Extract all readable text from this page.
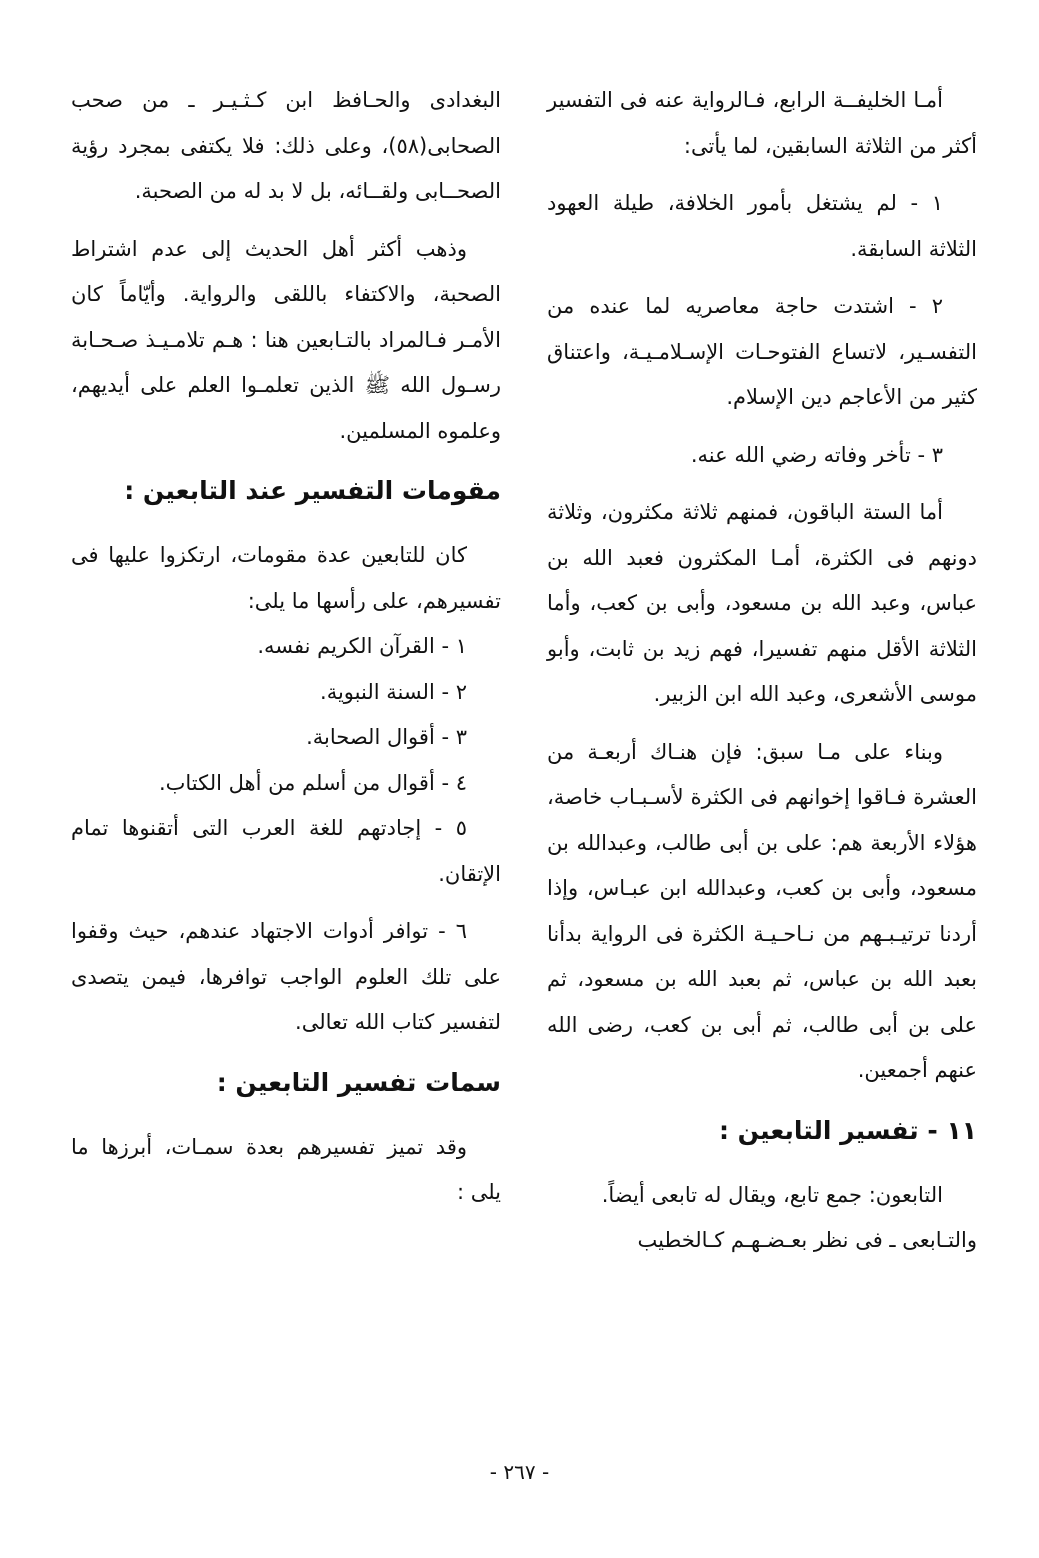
أمـا الخليفــة الرابع، فـالرواية عنه فى التفسير أكثر من الثلاثة السابقين، لما يأتى:

١ - لم يشتغل بأمور الخلافة، طيلة العهود الثلاثة السابقة.

٢ - اشتدت حاجة معاصريه لما عنده من التفسـير، لاتساع الفتوحـات الإسـلامـيـة، واعتناق كثير من الأعاجم دين الإسلام.

٣ - تأخر وفاته رضي الله عنه.

أما الستة الباقون، فمنهم ثلاثة مكثرون، وثلاثة دونهم فى الكثرة، أمـا المكثرون فعبد الله بن عباس، وعبد الله بن مسعود، وأبى بن كعب، وأما الثلاثة الأقل منهم تفسيرا، فهم زيد بن ثابت، وأبو موسى الأشعرى، وعبد الله ابن الزبير.

وبناء على مـا سبق: فإن هنـاك أربعـة من العشرة فـاقوا إخوانهم فى الكثرة لأسـبـاب خاصة، هؤلاء الأربعة هم: على بن أبى طالب، وعبدالله بن مسعود، وأبى بن كعب، وعبدالله ابن عبـاس، وإذا أردنا ترتيـبـهم من نـاحـيـة الكثرة فى الرواية بدأنا بعبد الله بن عباس، ثم بعبد الله بن مسعود، ثم على بن أبى طالب، ثم أبى بن كعب، رضى الله عنهم أجمعين.

١١ - تفسير التابعين :

التابعون: جمع تابع، ويقال له تابعى أيضاً.

والتـابعى ـ فى نظر بعـضـهـم كـالخطيب

البغدادى والحـافظ ابن كـثـيـر ـ من صحب الصحابى(٥٨)، وعلى ذلك: فلا يكتفى بمجرد رؤية الصحــابى ولقــائه، بل لا بد له من الصحبة.

وذهب أكثر أهل الحديث إلى عدم اشتراط الصحبة، والاكتفاء باللقى والرواية. وأيّاماً كان الأمـر فـالمراد بالتـابعين هنا : هـم تلامـيـذ صـحـابة رسـول الله ﷺ الذين تعلمـوا العلم على أيديهم، وعلموه المسلمين.

مقومات التفسير عند التابعين :

كان للتابعين عدة مقومات، ارتكزوا عليها فى تفسيرهم، على رأسها ما يلى:

١ - القرآن الكريم نفسه.

٢ - السنة النبوية.

٣ - أقوال الصحابة.

٤ - أقوال من أسلم من أهل الكتاب.

٥ - إجادتهم للغة العرب التى أتقنوها تمام الإتقان.

٦ - توافر أدوات الاجتهاد عندهم، حيث وقفوا على تلك العلوم الواجب توافرها، فيمن يتصدى لتفسير كتاب الله تعالى.

سمات تفسير التابعين :

وقد تميز تفسيرهم بعدة سمـات، أبرزها ما يلى :

- ٢٦٧ -
